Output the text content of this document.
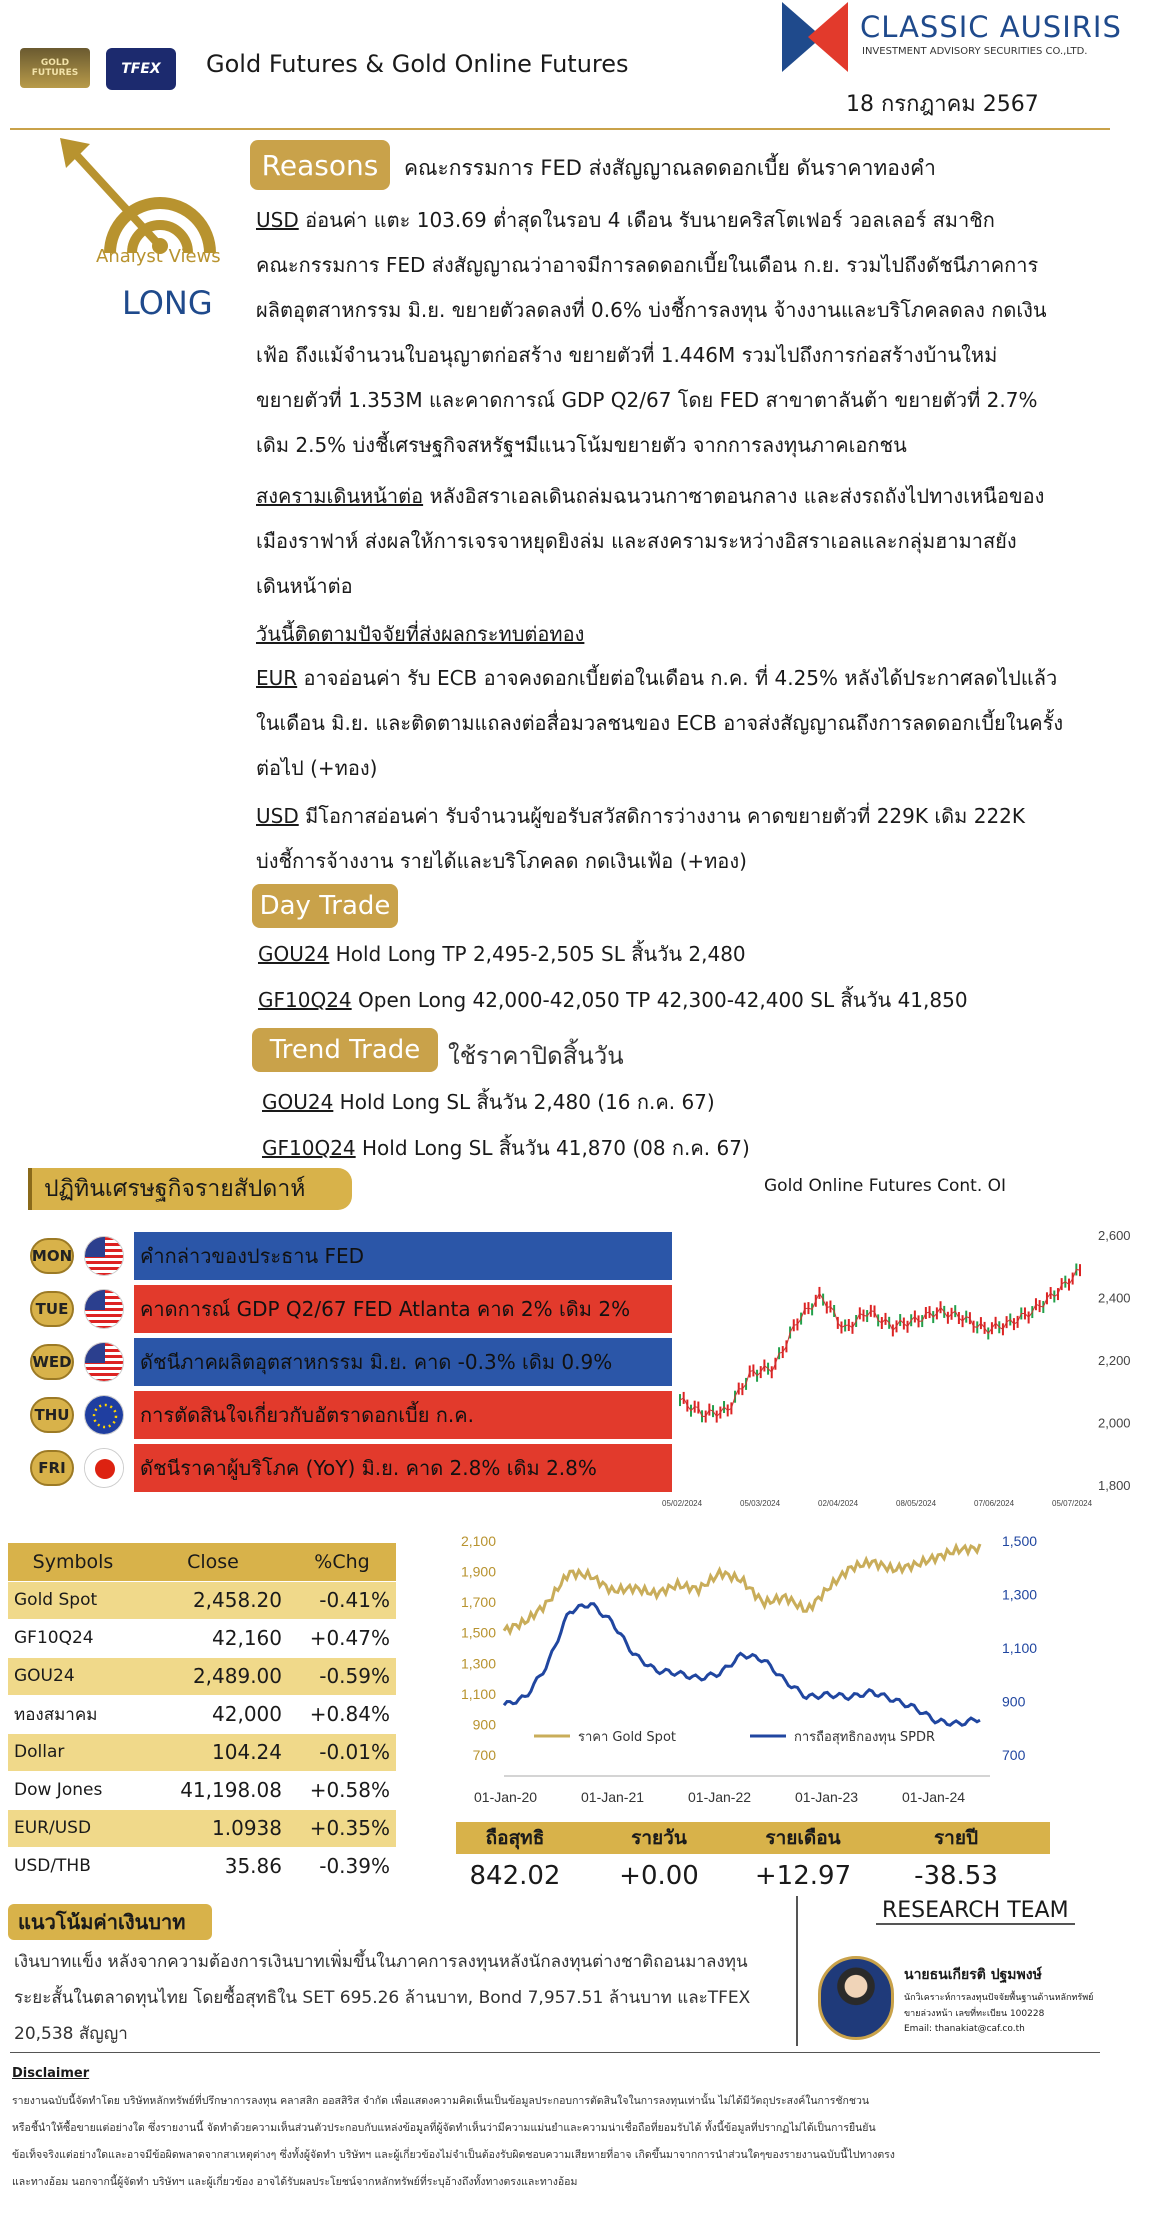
GOLD FUTURES	TFEX Gold Futures & Gold Online Futures
CLASSIC AUSIRIS
INVESTMENT ADVISORY SECURITIES CO.,LTD.
18 กรกฎาคม 2567
Analyst Views
LONG
Reasons	คณะกรรมการ FED ส่งสัญญาณลดดอกเบี้ย ดันราคาทองคำ
USD อ่อนค่า แตะ 103.69 ต่ำสุดในรอบ 4 เดือน รับนายคริสโตเฟอร์ วอลเลอร์ สมาชิก
คณะกรรมการ FED ส่งสัญญาณว่าอาจมีการลดดอกเบี้ยในเดือน ก.ย. รวมไปถึงดัชนีภาคการ
ผลิตอุตสาหกรรม มิ.ย. ขยายตัวลดลงที่ 0.6% บ่งชี้การลงทุน จ้างงานและบริโภคลดลง กดเงิน
เฟ้อ ถึงแม้จำนวนใบอนุญาตก่อสร้าง ขยายตัวที่ 1.446M รวมไปถึงการก่อสร้างบ้านใหม่
ขยายตัวที่ 1.353M และคาดการณ์ GDP Q2/67 โดย FED สาขาตาลันต้า ขยายตัวที่ 2.7%
เดิม 2.5% บ่งชี้เศรษฐกิจสหรัฐฯมีแนวโน้มขยายตัว จากการลงทุนภาคเอกชน
สงครามเดินหน้าต่อ หลังอิสราเอลเดินถล่มฉนวนกาซาตอนกลาง และส่งรถถังไปทางเหนือของ
เมืองราฟาห์ ส่งผลให้การเจรจาหยุดยิงล่ม และสงครามระหว่างอิสราเอลและกลุ่มฮามาสยัง
เดินหน้าต่อ
วันนี้ติดตามปัจจัยที่ส่งผลกระทบต่อทอง
EUR อาจอ่อนค่า รับ ECB อาจคงดอกเบี้ยต่อในเดือน ก.ค. ที่ 4.25% หลังได้ประกาศลดไปแล้ว
ในเดือน มิ.ย. และติดตามแถลงต่อสื่อมวลชนของ ECB อาจส่งสัญญาณถึงการลดดอกเบี้ยในครั้ง
ต่อไป (+ทอง)
USD มีโอกาสอ่อนค่า รับจำนวนผู้ขอรับสวัสดิการว่างงาน คาดขยายตัวที่ 229K เดิม 222K
บ่งชี้การจ้างงาน รายได้และบริโภคลด กดเงินเฟ้อ (+ทอง)
Day Trade
GOU24 Hold Long TP 2,495-2,505 SL สิ้นวัน 2,480
GF10Q24 Open Long 42,000-42,050 TP 42,300-42,400 SL สิ้นวัน 41,850
Trend Trade	ใช้ราคาปิดสิ้นวัน
GOU24 Hold Long SL สิ้นวัน 2,480 (16 ก.ค. 67)
GF10Q24 Hold Long SL สิ้นวัน 41,870 (08 ก.ค. 67)
ปฏิทินเศรษฐกิจรายสัปดาห์
MON	คำกล่าวของประธาน FED
TUE	คาดการณ์ GDP Q2/67 FED Atlanta คาด 2% เดิม 2%
WED	ดัชนีภาคผลิตอุตสาหกรรม มิ.ย. คาด -0.3% เดิม 0.9%
THU	การตัดสินใจเกี่ยวกับอัตราดอกเบี้ย ก.ค.
FRI	ดัชนีราคาผู้บริโภค (YoY) มิ.ย. คาด 2.8% เดิม 2.8%
Gold Online Futures Cont. OI
2,600
2,400
2,200
2,000
1,800
05/02/2024	05/03/2024	02/04/2024	08/05/2024	07/06/2024	05/07/2024
Symbols	Close	%Chg
Gold Spot	2,458.20	-0.41%
GF10Q24	42,160	+0.47%
GOU24	2,489.00	-0.59%
ทองสมาคม	42,000	+0.84%
Dollar	104.24	-0.01%
Dow Jones	41,198.08	+0.58%
EUR/USD	1.0938	+0.35%
USD/THB	35.86	-0.39%
2,100
1,900
1,700
1,500
1,300
1,100
900
700
1,500
1,300
1,100
900
700
01-Jan-20	01-Jan-21	01-Jan-22	01-Jan-23	01-Jan-24
ราคา Gold Spot	การถือสุทธิกองทุน SPDR
ถือสุทธิ	รายวัน	รายเดือน	รายปี
842.02	+0.00	+12.97	-38.53
แนวโน้มค่าเงินบาท
เงินบาทแข็ง หลังจากความต้องการเงินบาทเพิ่มขึ้นในภาคการลงทุนหลังนักลงทุนต่างชาติถอนมาลงทุน
ระยะสั้นในตลาดทุนไทย โดยซื้อสุทธิใน SET 695.26 ล้านบาท, Bond 7,957.51 ล้านบาท และTFEX
20,538 สัญญา
RESEARCH TEAM
นายธนเกียรติ ปฐมพงษ์
นักวิเคราะห์การลงทุนปัจจัยพื้นฐานด้านหลักทรัพย์
ขายล่วงหน้า เลขที่ทะเบียน 100228
Email: thanakiat@caf.co.th
Disclaimer
รายงานฉบับนี้จัดทำโดย บริษัทหลักทรัพย์ที่ปรึกษาการลงทุน คลาสสิก ออสสิริส จำกัด เพื่อแสดงความคิดเห็นเป็นข้อมูลประกอบการตัดสินใจในการลงทุนเท่านั้น ไม่ได้มีวัตถุประสงค์ในการชักชวน
หรือชี้นำให้ซื้อขายแต่อย่างใด ซึ่งรายงานนี้ จัดทำด้วยความเห็นส่วนตัวประกอบกับแหล่งข้อมูลที่ผู้จัดทำเห็นว่ามีความแม่นยำและความน่าเชื่อถือที่ยอมรับได้ ทั้งนี้ข้อมูลที่ปรากฏไม่ได้เป็นการยืนยัน
ข้อเท็จจริงแต่อย่างใดและอาจมีข้อผิดพลาดจากสาเหตุต่างๆ ซึ่งทั้งผู้จัดทำ บริษัทฯ และผู้เกี่ยวข้องไม่จำเป็นต้องรับผิดชอบความเสียหายที่อาจ เกิดขึ้นมาจากการนำส่วนใดๆของรายงานฉบับนี้ไปทางตรง
และทางอ้อม นอกจากนี้ผู้จัดทำ บริษัทฯ และผู้เกี่ยวข้อง อาจได้รับผลประโยชน์จากหลักทรัพย์ที่ระบุอ้างถึงทั้งทางตรงและทางอ้อม
